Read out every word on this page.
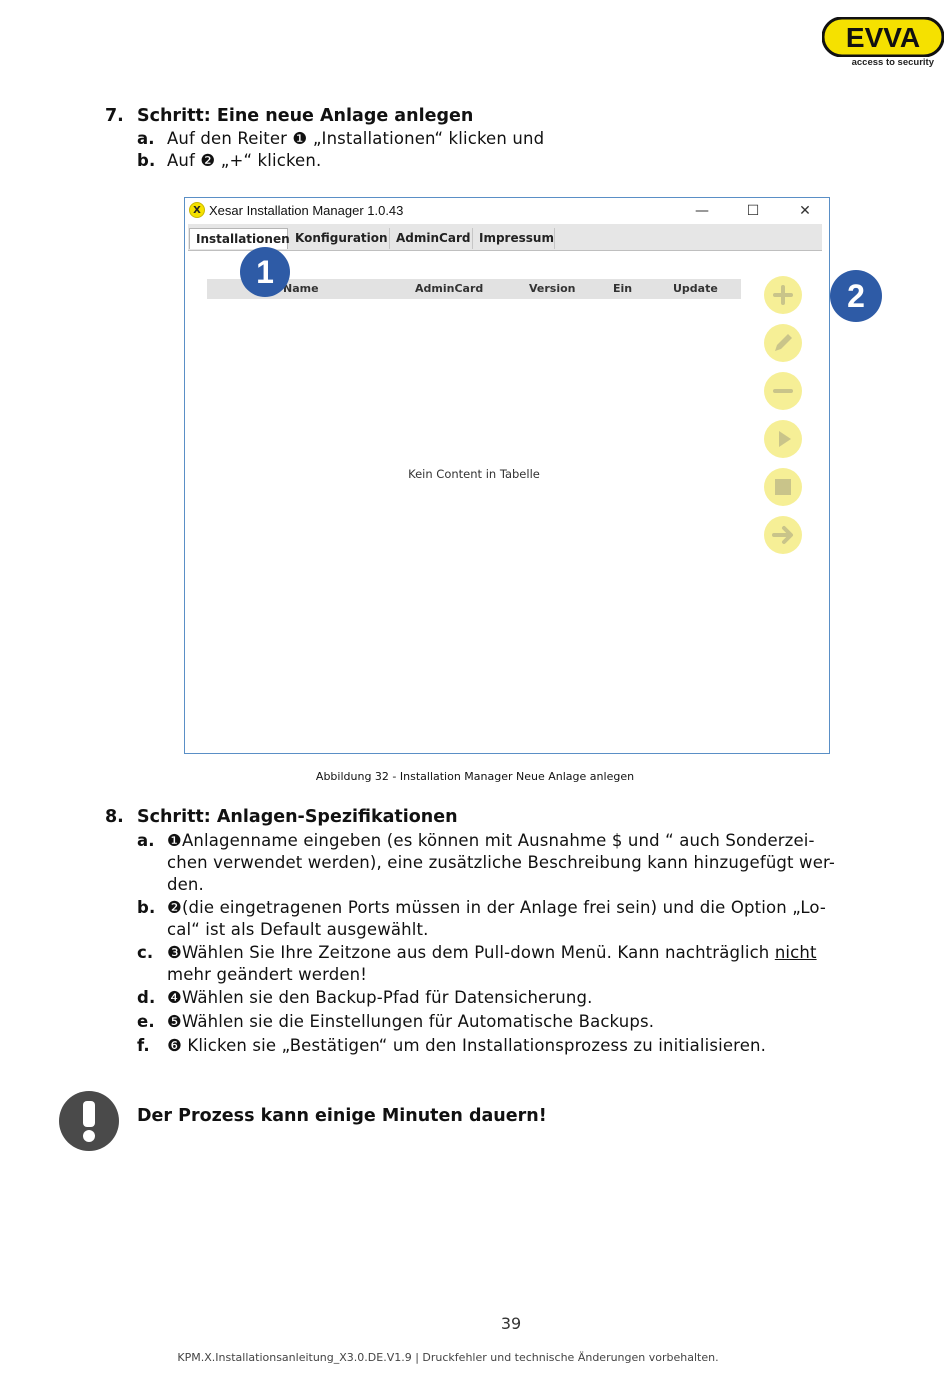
EVVA
access to security
7. Schritt: Eine neue Anlage anlegen
a. Auf den Reiter ❶ „Installationen“ klicken und
b. Auf ❷ „+“ klicken.
X Xesar Installation Manager 1.0.43	—	☐	✕
Installationen Konfiguration AdminCard Impressum
Name	AdminCard	Version	Ein	Update
Kein Content in Tabelle
1
2
Abbildung 32 - Installation Manager Neue Anlage anlegen
8. Schritt: Anlagen-Spezifikationen
a. ❶Anlagenname eingeben (es können mit Ausnahme $ und “ auch Sonderzei-
chen verwendet werden), eine zusätzliche Beschreibung kann hinzugefügt wer-
den.
b. ❷(die eingetragenen Ports müssen in der Anlage frei sein) und die Option „Lo-
cal“ ist als Default ausgewählt.
c. ❸Wählen Sie Ihre Zeitzone aus dem Pull-down Menü. Kann nachträglich nicht
mehr geändert werden!
d. ❹Wählen sie den Backup-Pfad für Datensicherung.
e. ❺Wählen sie die Einstellungen für Automatische Backups.
f. ❻ Klicken sie „Bestätigen“ um den Installationsprozess zu initialisieren.
Der Prozess kann einige Minuten dauern!
39
KPM.X.Installationsanleitung_X3.0.DE.V1.9 | Druckfehler und technische Änderungen vorbehalten.
